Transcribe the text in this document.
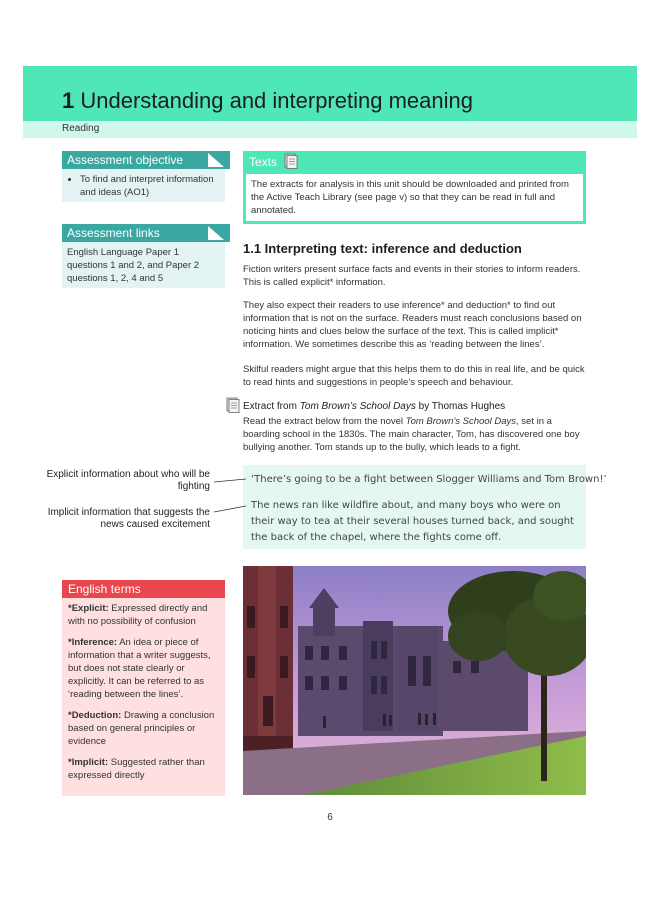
1 Understanding and interpreting meaning
Reading
Assessment objective
• To find and interpret information and ideas (AO1)
Assessment links
English Language Paper 1 questions 1 and 2, and Paper 2 questions 1, 2, 4 and 5
Texts
The extracts for analysis in this unit should be downloaded and printed from the Active Teach Library (see page v) so that they can be read in full and annotated.
1.1 Interpreting text: inference and deduction
Fiction writers present surface facts and events in their stories to inform readers. This is called explicit* information.
They also expect their readers to use inference* and deduction* to find out information that is not on the surface. Readers must reach conclusions based on noticing hints and clues below the surface of the text. This is called implicit* information. We sometimes describe this as ‘reading between the lines’.
Skilful readers might argue that this helps them to do this in real life, and be quick to read hints and suggestions in people’s speech and behaviour.
Extract from Tom Brown’s School Days by Thomas Hughes
Read the extract below from the novel Tom Brown’s School Days, set in a boarding school in the 1830s. The main character, Tom, has discovered one boy bullying another. Tom stands up to the bully, which leads to a fight.
‘There’s going to be a fight between Slogger Williams and Tom Brown!’
The news ran like wildfire about, and many boys who were on their way to tea at their several houses turned back, and sought the back of the chapel, where the fights come off.
Explicit information about who will be fighting
Implicit information that suggests the news caused excitement
English terms

*Explicit: Expressed directly and with no possibility of confusion

*Inference: An idea or piece of information that a writer suggests, but does not state clearly or explicitly. It can be referred to as ‘reading between the lines’.

*Deduction: Drawing a conclusion based on general principles or evidence

*Implicit: Suggested rather than expressed directly

6
